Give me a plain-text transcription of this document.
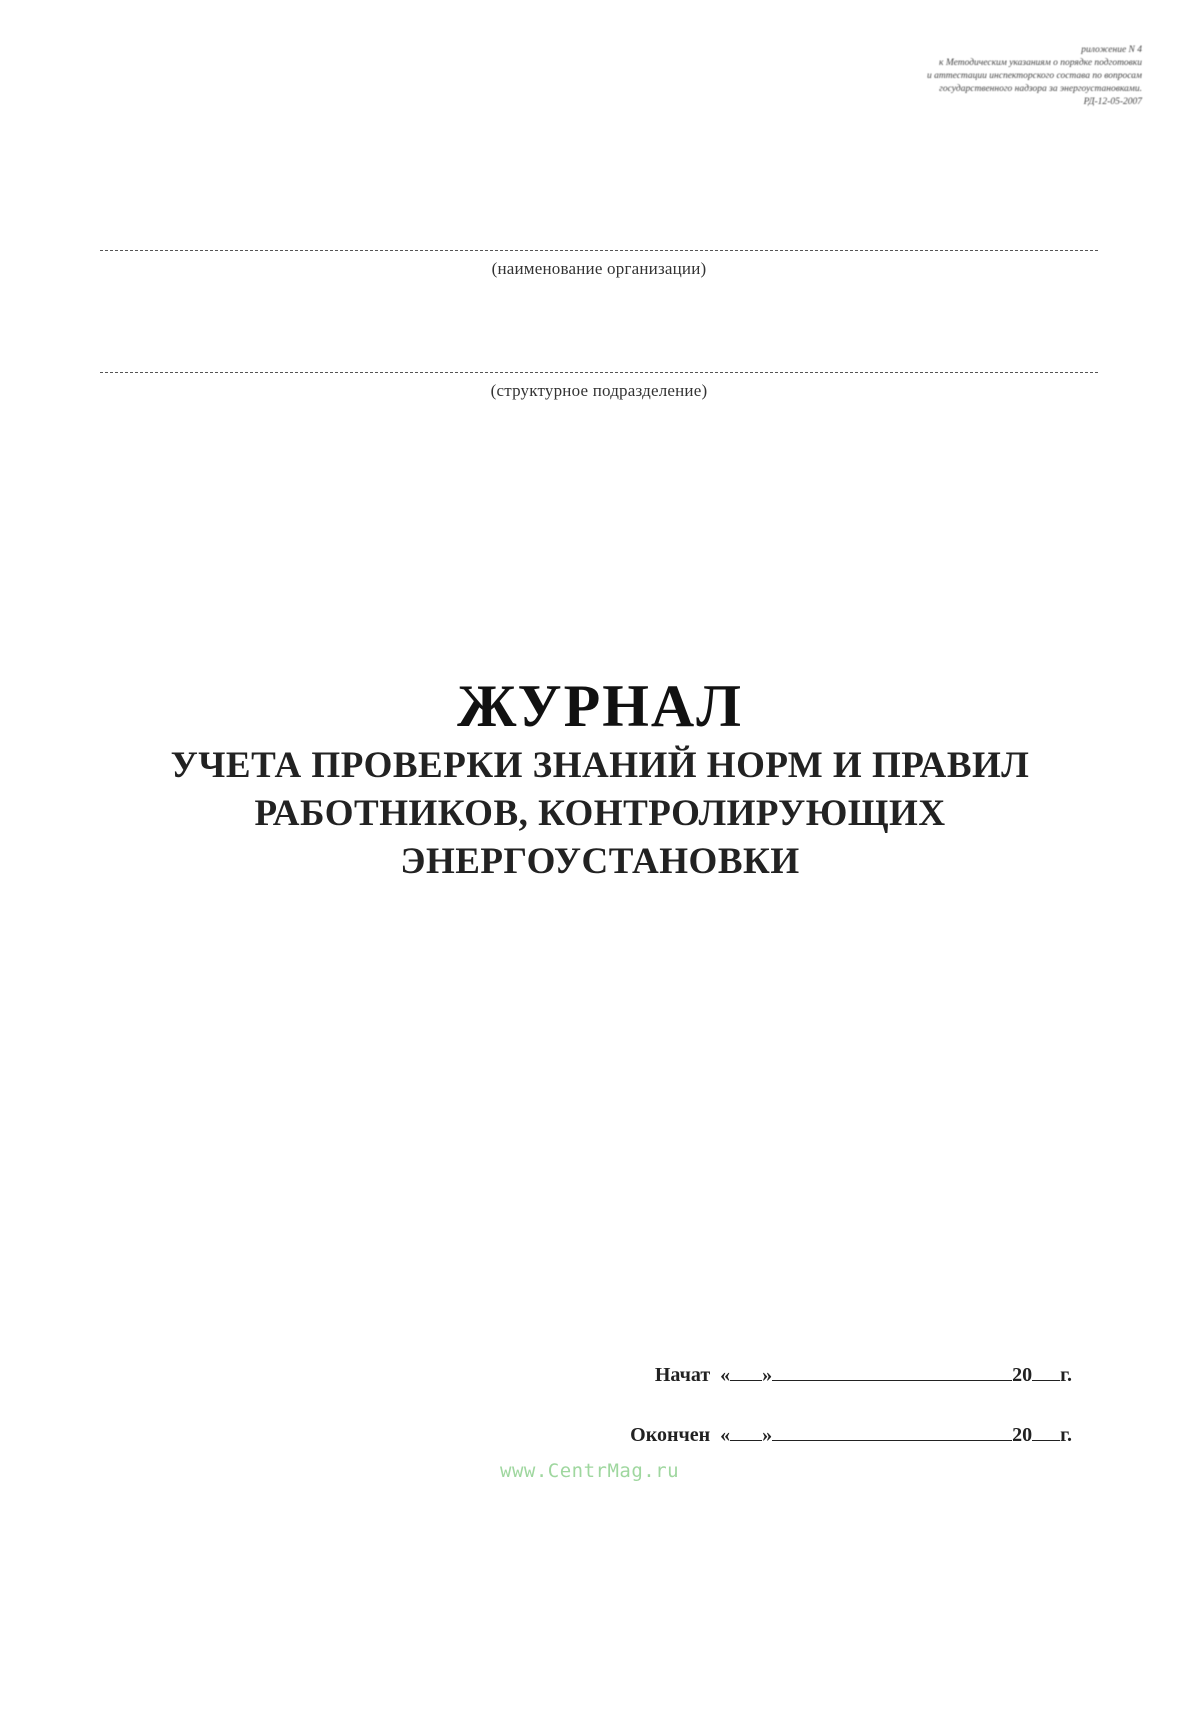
риложение N 4
к Методическим указаниям о порядке подготовки
и аттестации инспекторского состава по вопросам
государственного надзора за энергоустановками.
РД-12-05-2007
(наименование организации)
(структурное подразделение)
ЖУРНАЛ
УЧЕТА ПРОВЕРКИ ЗНАНИЙ НОРМ И ПРАВИЛ
РАБОТНИКОВ, КОНТРОЛИРУЮЩИХ
ЭНЕРГОУСТАНОВКИ
Начат « »	20 г.
Окончен « »	20 г.
www.CentrMag.ru
